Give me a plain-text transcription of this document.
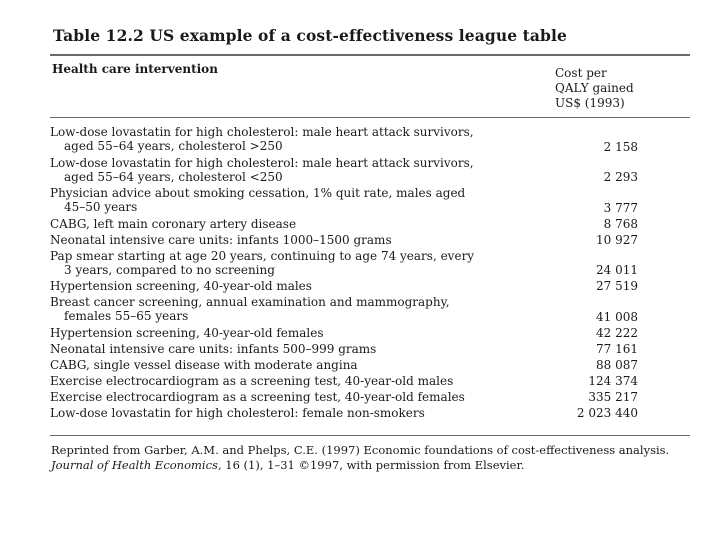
Table 12.2 US example of a cost-effectiveness league table
Health care intervention	Cost per
QALY gained
US$ (1993)
Low-dose lovastatin for high cholesterol: male heart attack survivors,
aged 55–64 years, cholesterol >250	2 158
Low-dose lovastatin for high cholesterol: male heart attack survivors,
aged 55–64 years, cholesterol <250	2 293
Physician advice about smoking cessation, 1% quit rate, males aged
45–50 years	3 777
CABG, left main coronary artery disease	8 768
Neonatal intensive care units: infants 1000–1500 grams	10 927
Pap smear starting at age 20 years, continuing to age 74 years, every
3 years, compared to no screening	24 011
Hypertension screening, 40-year-old males	27 519
Breast cancer screening, annual examination and mammography,
females 55–65 years	41 008
Hypertension screening, 40-year-old females	42 222
Neonatal intensive care units: infants 500–999 grams	77 161
CABG, single vessel disease with moderate angina	88 087
Exercise electrocardiogram as a screening test, 40-year-old males	124 374
Exercise electrocardiogram as a screening test, 40-year-old females	335 217
Low-dose lovastatin for high cholesterol: female non-smokers	2 023 440
Reprinted from Garber, A.M. and Phelps, C.E. (1997) Economic foundations of cost-effectiveness analysis.
Journal of Health Economics, 16 (1), 1–31 ©1997, with permission from Elsevier.
